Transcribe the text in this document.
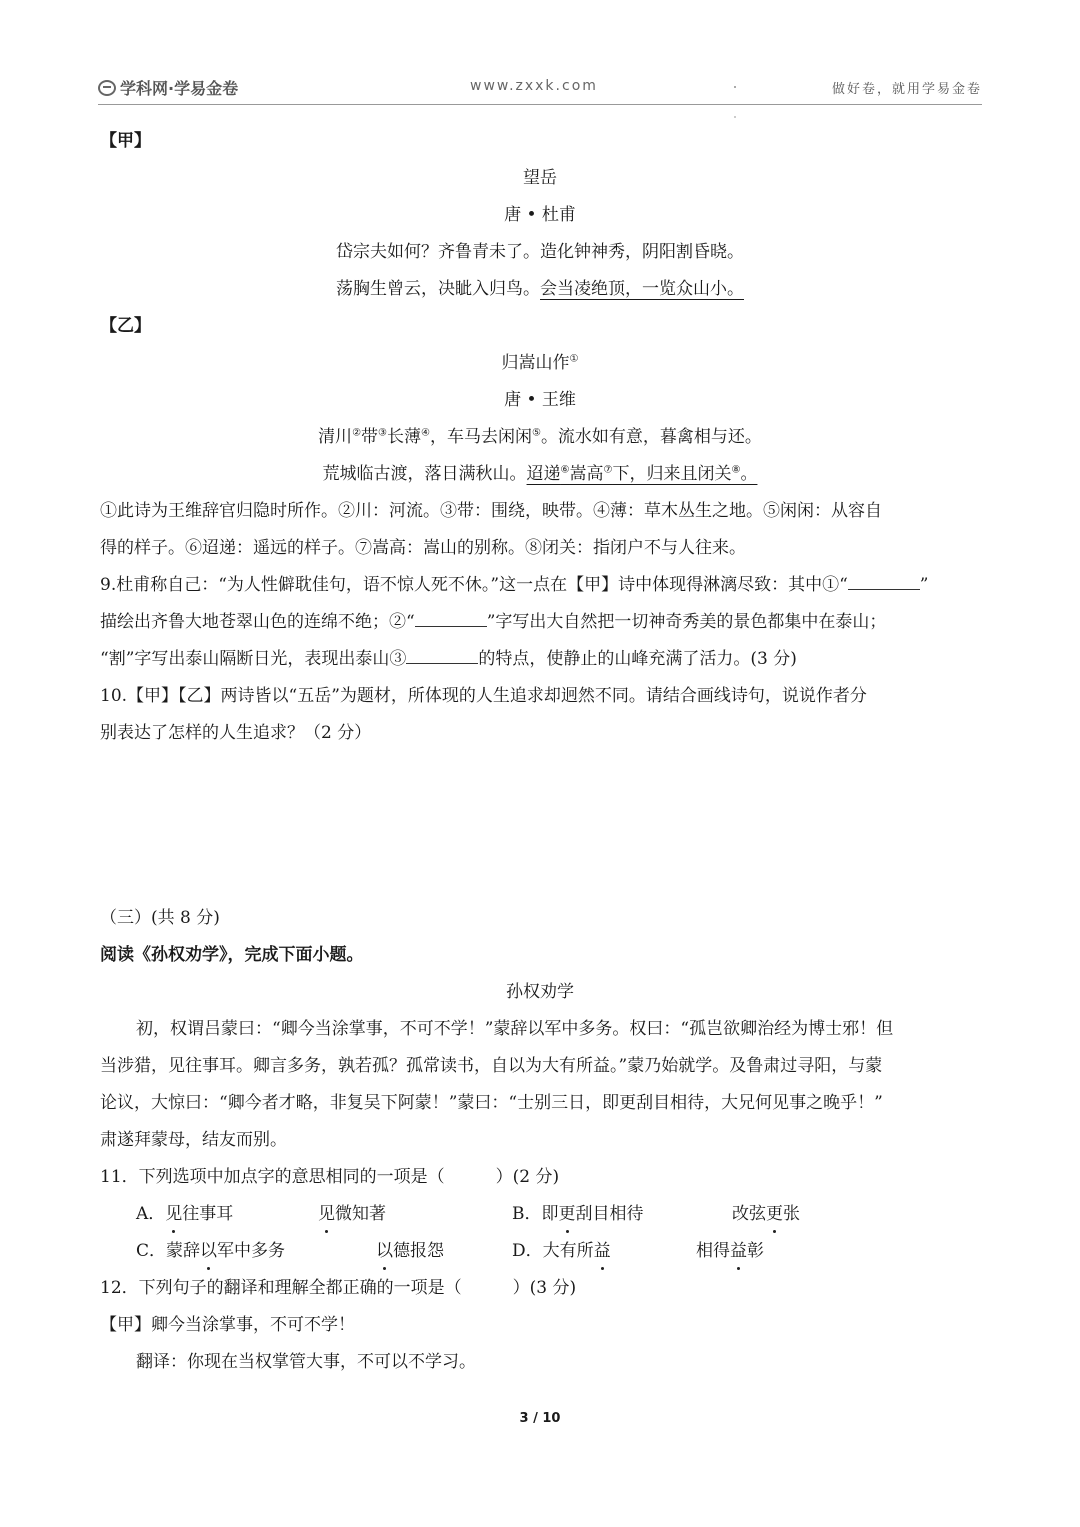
学科网·学易金卷	www.zxxk.com	做好卷，就用学易金卷
【甲】
望岳
唐 • 杜甫
岱宗夫如何？齐鲁青未了。造化钟神秀，阴阳割昏晓。
荡胸生曾云，决眦入归鸟。会当凌绝顶，一览众山小。
【乙】
归嵩山作①
唐 • 王维
清川②带③长薄④，车马去闲闲⑤。流水如有意，暮禽相与还。
荒城临古渡，落日满秋山。迢递⑥嵩高⑦下，归来且闭关⑧。
①此诗为王维辞官归隐时所作。②川：河流。③带：围绕，映带。④薄：草木丛生之地。⑤闲闲：从容自
得的样子。⑥迢递：遥远的样子。⑦嵩高：嵩山的别称。⑧闭关：指闭户不与人往来。
9.杜甫称自己：“为人性僻耽佳句，语不惊人死不休。”这一点在【甲】诗中体现得淋漓尽致：其中①“	”
描绘出齐鲁大地苍翠山色的连绵不绝；②“	”字写出大自然把一切神奇秀美的景色都集中在泰山；
“割”字写出泰山隔断日光，表现出泰山③	的特点，使静止的山峰充满了活力。(3 分)
10.【甲】【乙】两诗皆以“五岳”为题材，所体现的人生追求却迥然不同。请结合画线诗句，说说作者分
别表达了怎样的人生追求？（2 分）
（三）(共 8 分)
阅读《孙权劝学》，完成下面小题。
孙权劝学
初，权谓吕蒙曰：“卿今当涂掌事，不可不学！”蒙辞以军中多务。权曰：“孤岂欲卿治经为博士邪！但
当涉猎，见往事耳。卿言多务，孰若孤？孤常读书，自以为大有所益。”蒙乃始就学。及鲁肃过寻阳，与蒙
论议，大惊曰：“卿今者才略，非复吴下阿蒙！”蒙曰：“士别三日，即更刮目相待，大兄何见事之晚乎！”
肃遂拜蒙母，结友而别。
11．下列选项中加点字的意思相同的一项是（　　　）(2 分)
A．见往事耳	见微知著	B．即更刮目相待	改弦更张
C．蒙辞以军中多务	以德报怨	D．大有所益	相得益彰
12．下列句子的翻译和理解全都正确的一项是（　　　）(3 分)
【甲】卿今当涂掌事，不可不学！
翻译：你现在当权掌管大事，不可以不学习。
3 / 10
